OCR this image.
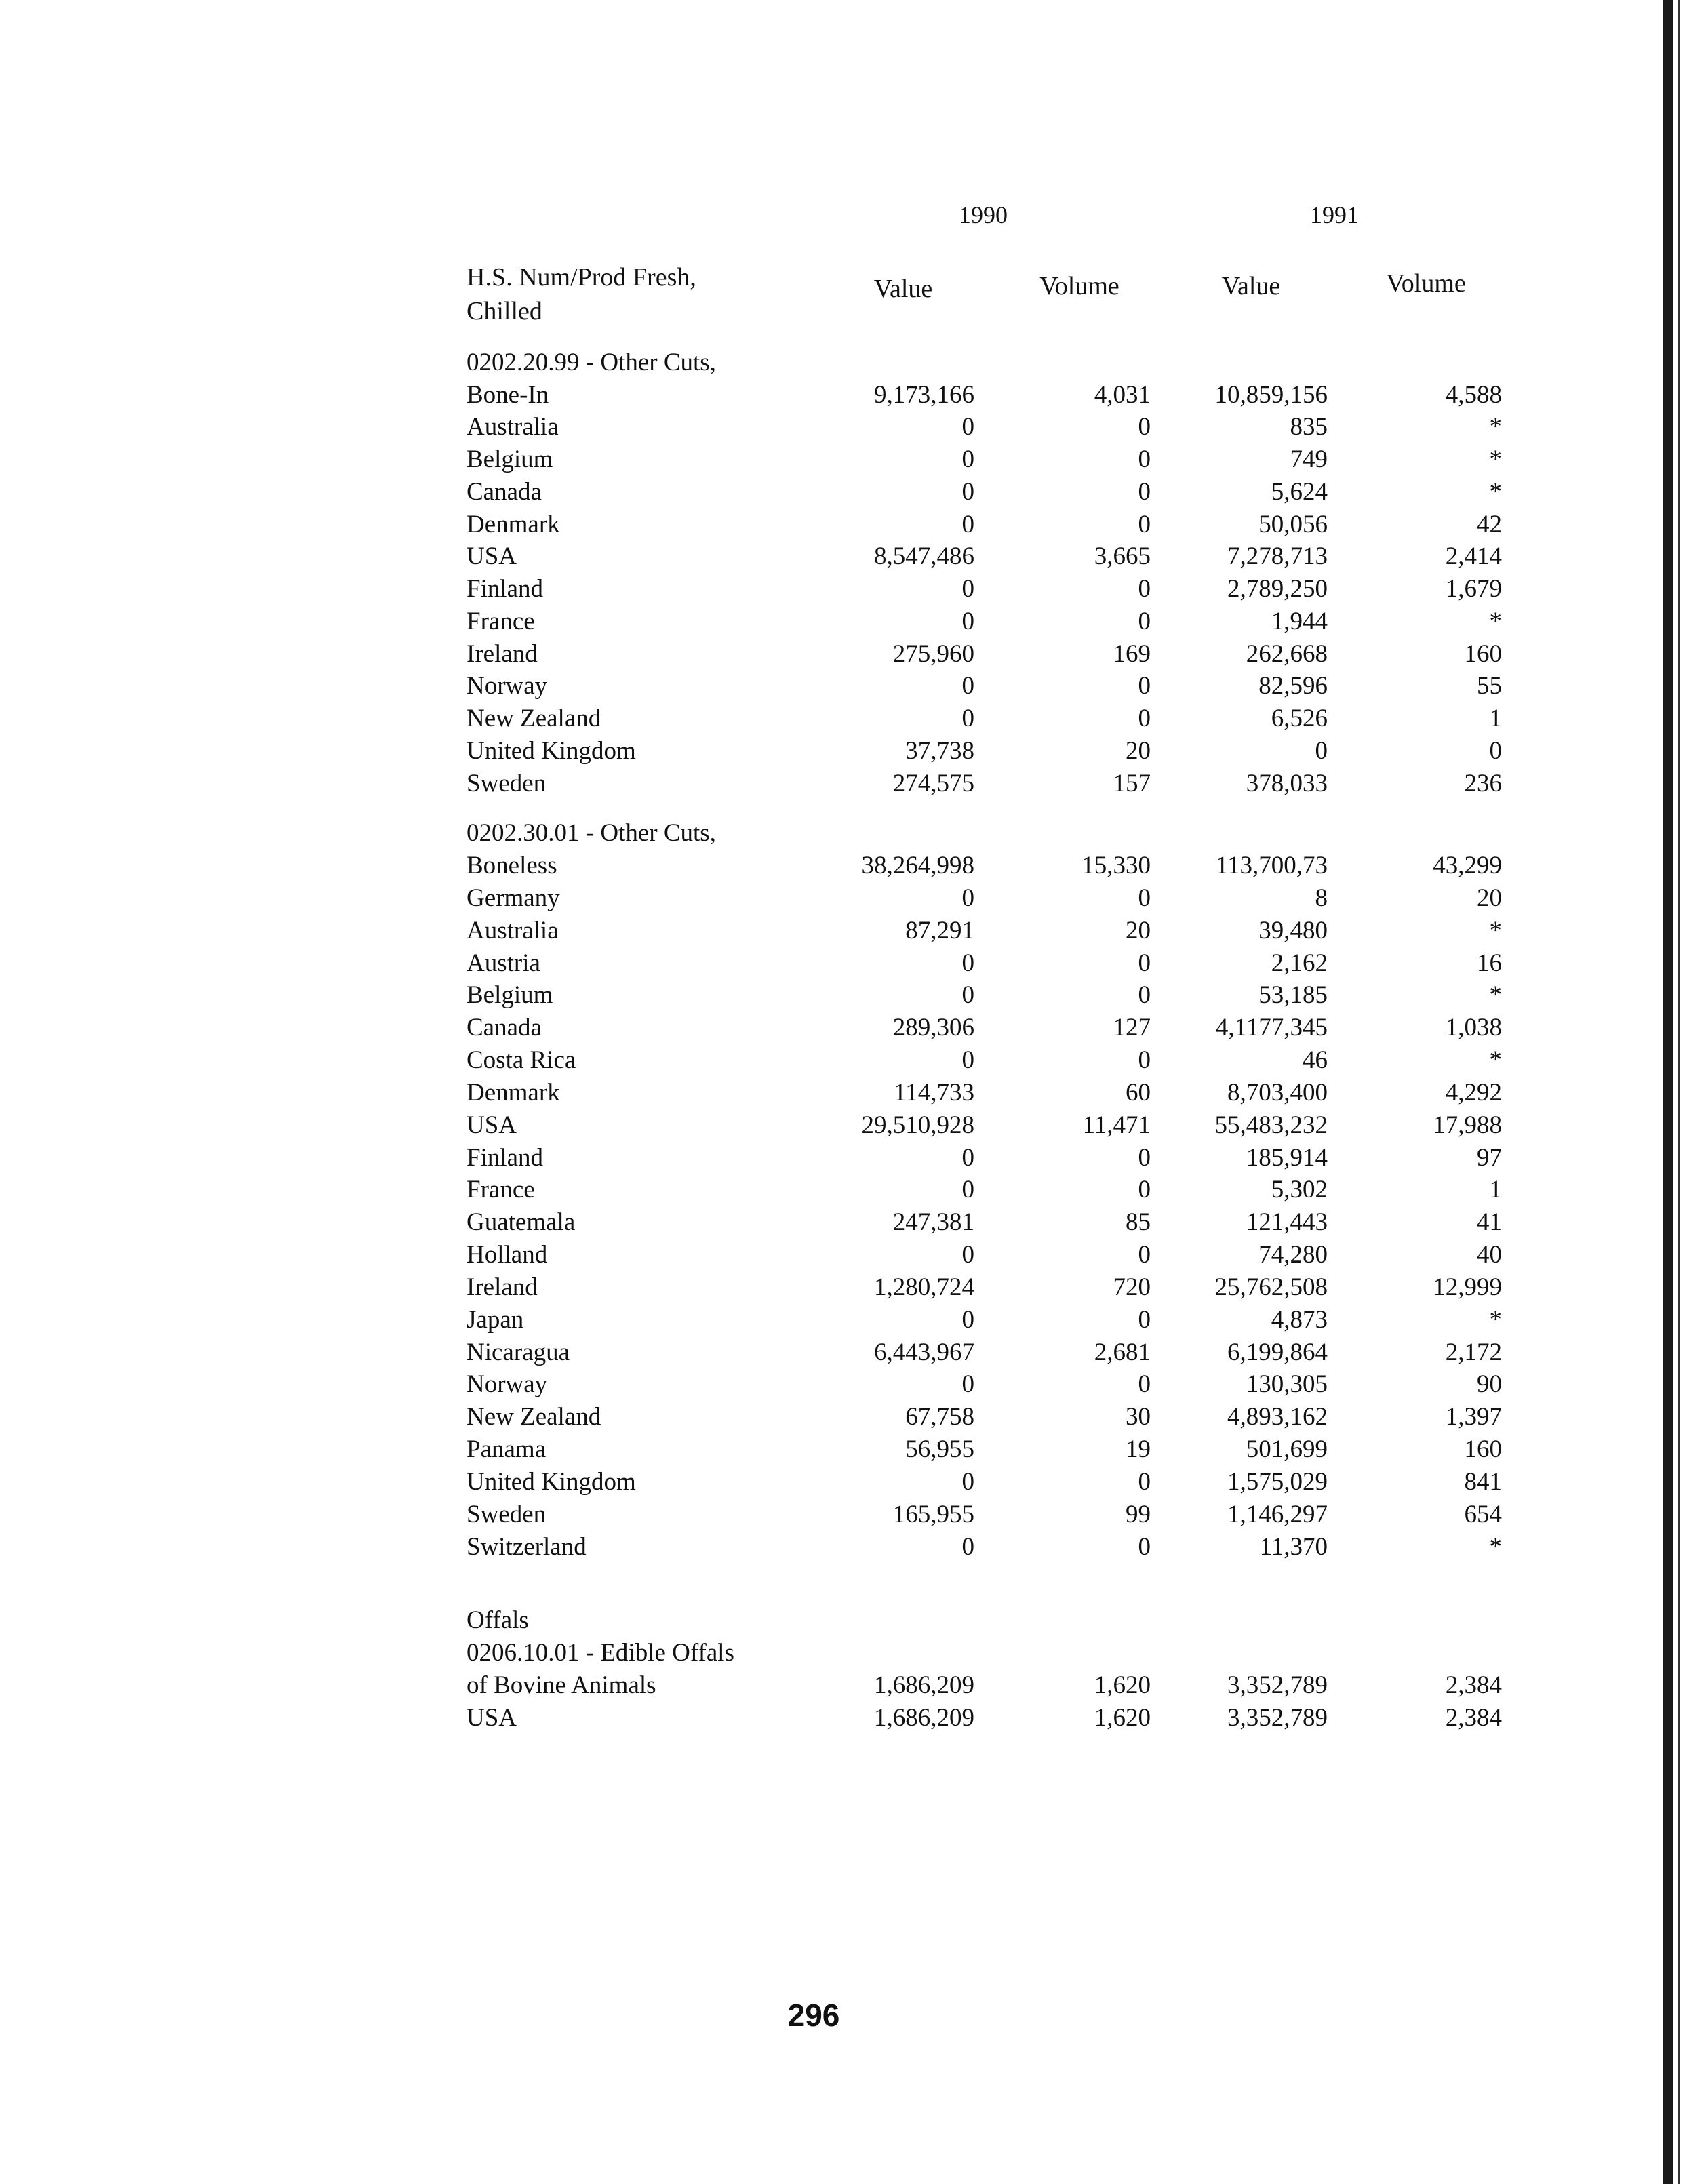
1990	1991
H.S. Num/Prod Fresh, Chilled
Value	Volume	Value	Volume
0202.20.99 - Other Cuts,
Bone-In	9,173,166	4,031	10,859,156	4,588
Australia	0	0	835	*
Belgium	0	0	749	*
Canada	0	0	5,624	*
Denmark	0	0	50,056	42
USA	8,547,486	3,665	7,278,713	2,414
Finland	0	0	2,789,250	1,679
France	0	0	1,944	*
Ireland	275,960	169	262,668	160
Norway	0	0	82,596	55
New Zealand	0	0	6,526	1
United Kingdom	37,738	20	0	0
Sweden	274,575	157	378,033	236
0202.30.01 - Other Cuts,
Boneless	38,264,998	15,330	113,700,73	43,299
Germany	0	0	8	20
Australia	87,291	20	39,480	*
Austria	0	0	2,162	16
Belgium	0	0	53,185	*
Canada	289,306	127	4,1177,345	1,038
Costa Rica	0	0	46	*
Denmark	114,733	60	8,703,400	4,292
USA	29,510,928	11,471	55,483,232	17,988
Finland	0	0	185,914	97
France	0	0	5,302	1
Guatemala	247,381	85	121,443	41
Holland	0	0	74,280	40
Ireland	1,280,724	720	25,762,508	12,999
Japan	0	0	4,873	*
Nicaragua	6,443,967	2,681	6,199,864	2,172
Norway	0	0	130,305	90
New Zealand	67,758	30	4,893,162	1,397
Panama	56,955	19	501,699	160
United Kingdom	0	0	1,575,029	841
Sweden	165,955	99	1,146,297	654
Switzerland	0	0	11,370	*
Offals
0206.10.01 - Edible Offals
of Bovine Animals	1,686,209	1,620	3,352,789	2,384
USA	1,686,209	1,620	3,352,789	2,384
296
